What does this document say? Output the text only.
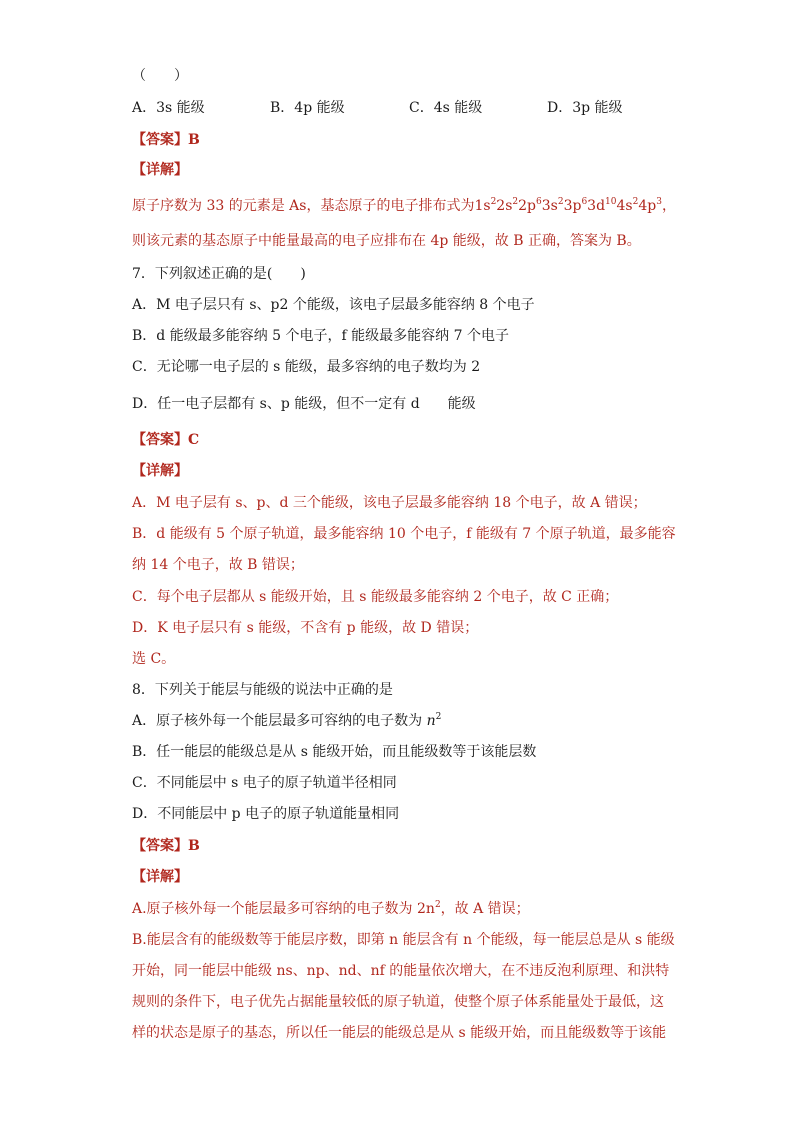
（　　）
A．3s 能级	B．4p 能级	C．4s 能级	D．3p 能级
【答案】B
【详解】
原子序数为 33 的元素是 As，基态原子的电子排布式为$1s^22s^22p^63s^23p^63d^{10}4s^24p^3$，
则该元素的基态原子中能量最高的电子应排布在 4p 能级，故 B 正确，答案为 B。
7．下列叙述正确的是(　　)
A．M 电子层只有 s、p2 个能级，该电子层最多能容纳 8 个电子
B．d 能级最多能容纳 5 个电子，f 能级最多能容纳 7 个电子
C．无论哪一电子层的 s 能级，最多容纳的电子数均为 2
D．任一电子层都有 s、p 能级，但不一定有 d　　能级
【答案】C
【详解】
A．M 电子层有 s、p、d 三个能级，该电子层最多能容纳 18 个电子，故 A 错误；
B．d 能级有 5 个原子轨道，最多能容纳 10 个电子，f 能级有 7 个原子轨道，最多能容
纳 14 个电子，故 B 错误；
C．每个电子层都从 s 能级开始，且 s 能级最多能容纳 2 个电子，故 C 正确；
D．K 电子层只有 s 能级，不含有 p 能级，故 D 错误；
选 C。
8．下列关于能层与能级的说法中正确的是
A．原子核外每一个能层最多可容纳的电子数为 $n^2$
B．任一能层的能级总是从 s 能级开始，而且能级数等于该能层数
C．不同能层中 s 电子的原子轨道半径相同
D．不同能层中 p 电子的原子轨道能量相同
【答案】B
【详解】
A.原子核外每一个能层最多可容纳的电子数为 $2n^2$，故 A 错误；
B.能层含有的能级数等于能层序数，即第 n 能层含有 n 个能级，每一能层总是从 s 能级
开始，同一能层中能级 ns、np、nd、nf 的能量依次增大，在不违反泡利原理、和洪特
规则的条件下，电子优先占据能量较低的原子轨道，使整个原子体系能量处于最低，这
样的状态是原子的基态，所以任一能层的能级总是从 s 能级开始，而且能级数等于该能
